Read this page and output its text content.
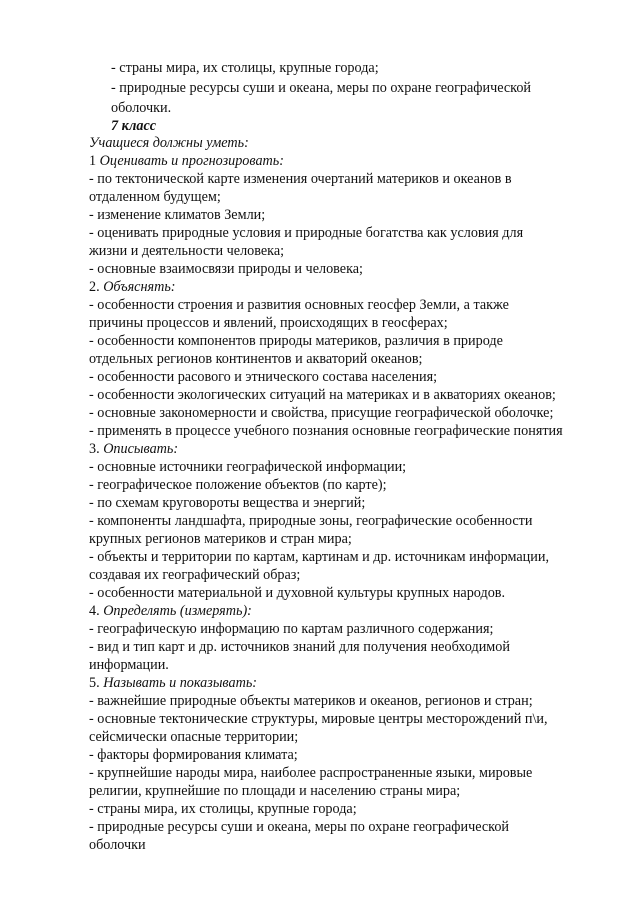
- страны мира, их столицы, крупные города;
- природные ресурсы суши и океана, меры по охране географической
оболочки.
7 класс
Учащиеся должны уметь:
1 Оценивать и прогнозировать:
- по тектонической карте изменения очертаний материков и океанов в
отдаленном будущем;
- изменение климатов Земли;
- оценивать природные условия и природные богатства как условия для
жизни и деятельности человека;
- основные взаимосвязи природы и человека;
2. Объяснять:
- особенности строения и развития основных геосфер Земли, а также
причины процессов и явлений, происходящих в геосферах;
- особенности компонентов природы материков, различия в природе
отдельных регионов континентов и акваторий океанов;
- особенности расового и этнического состава населения;
- особенности экологических ситуаций на материках и в акваториях океанов;
- основные закономерности и свойства, присущие географической оболочке;
- применять в процессе учебного познания основные географические понятия
3. Описывать:
- основные источники географической информации;
- географическое положение объектов (по карте);
- по схемам круговороты вещества и энергий;
- компоненты ландшафта, природные зоны, географические особенности
крупных регионов материков и стран мира;
- объекты и территории по картам, картинам и др. источникам информации,
создавая их географический образ;
- особенности материальной и духовной культуры крупных народов.
4. Определять (измерять):
- географическую информацию по картам различного содержания;
- вид и тип карт и др. источников знаний для получения необходимой
информации.
5. Называть и показывать:
- важнейшие природные объекты материков и океанов, регионов и стран;
- основные тектонические структуры, мировые центры месторождений п\и,
сейсмически опасные территории;
- факторы формирования климата;
- крупнейшие народы мира, наиболее распространенные языки, мировые
религии, крупнейшие по площади и населению страны мира;
- страны мира, их столицы, крупные города;
- природные ресурсы суши и океана, меры по охране географической
оболочки
